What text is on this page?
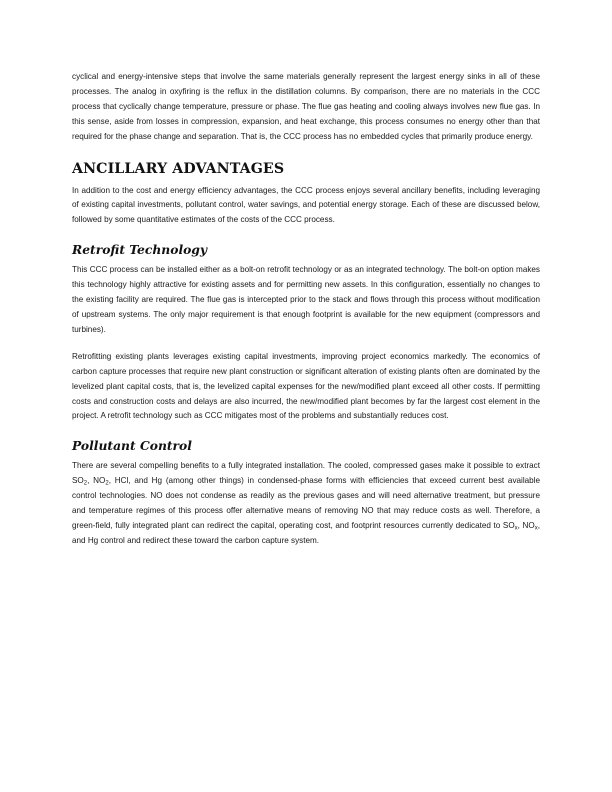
cyclical and energy-intensive steps that involve the same materials generally represent the largest energy sinks in all of these processes. The analog in oxyfiring is the reflux in the distillation columns. By comparison, there are no materials in the CCC process that cyclically change temperature, pressure or phase. The flue gas heating and cooling always involves new flue gas. In this sense, aside from losses in compression, expansion, and heat exchange, this process consumes no energy other than that required for the phase change and separation. That is, the CCC process has no embedded cycles that primarily produce energy.

ANCILLARY ADVANTAGES

In addition to the cost and energy efficiency advantages, the CCC process enjoys several ancillary benefits, including leveraging of existing capital investments, pollutant control, water savings, and potential energy storage. Each of these are discussed below, followed by some quantitative estimates of the costs of the CCC process.

Retrofit Technology

This CCC process can be installed either as a bolt-on retrofit technology or as an integrated technology. The bolt-on option makes this technology highly attractive for existing assets and for permitting new assets. In this configuration, essentially no changes to the existing facility are required. The flue gas is intercepted prior to the stack and flows through this process without modification of upstream systems. The only major requirement is that enough footprint is available for the new equipment (compressors and turbines).

Retrofitting existing plants leverages existing capital investments, improving project economics markedly. The economics of carbon capture processes that require new plant construction or significant alteration of existing plants often are dominated by the levelized plant capital costs, that is, the levelized capital expenses for the new/modified plant exceed all other costs. If permitting costs and construction costs and delays are also incurred, the new/modified plant becomes by far the largest cost element in the project. A retrofit technology such as CCC mitigates most of the problems and substantially reduces cost.

Pollutant Control

There are several compelling benefits to a fully integrated installation. The cooled, compressed gases make it possible to extract $SO_2$, $NO_2$, HCl, and Hg (among other things) in condensed-phase forms with efficiencies that exceed current best available control technologies. NO does not condense as readily as the previous gases and will need alternative treatment, but pressure and temperature regimes of this process offer alternative means of removing NO that may reduce costs as well. Therefore, a green-field, fully integrated plant can redirect the capital, operating cost, and footprint resources currently dedicated to $SO_x$, $NO_x$, and Hg control and redirect these toward the carbon capture system.
